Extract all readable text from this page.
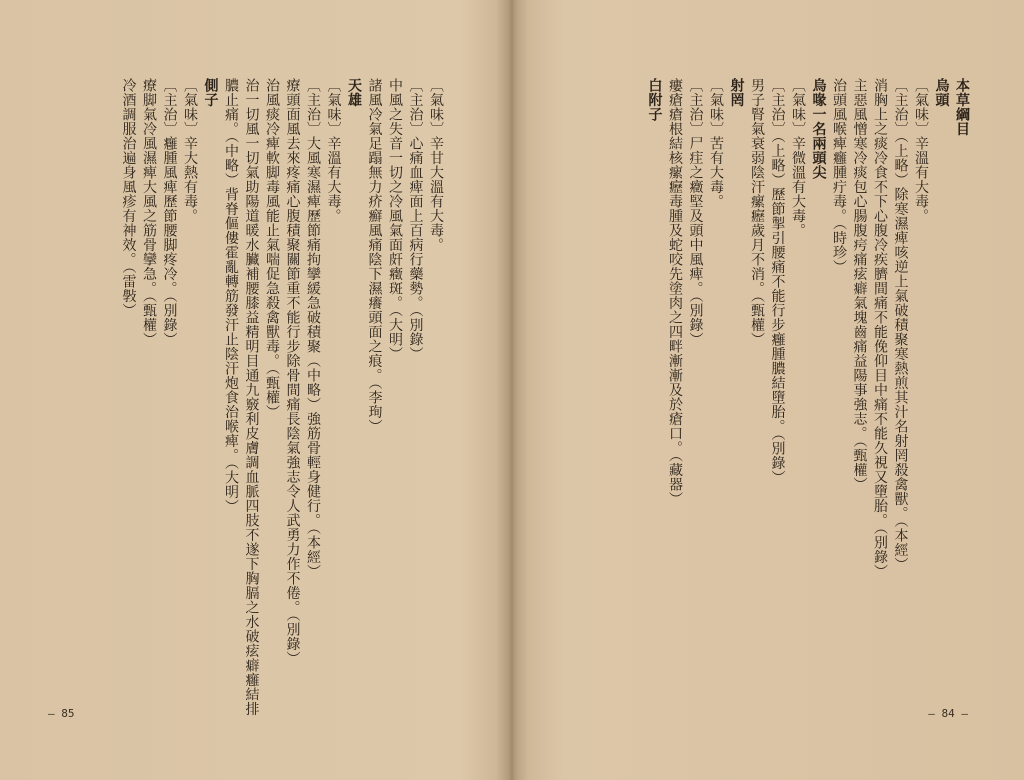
〔氣味〕辛甘大溫有大毒。
〔主治〕心痛血痺面上百病行藥勢。（別錄）
中風之失音一切之冷風氣面皯癥斑。（大明）
諸風冷氣足蹋無力疥癬風痛陰下濕癢頭面之痕。（李珣）
天雄
〔氣味〕辛溫有大毒。
〔主治〕大風寒濕痺歷節痛拘攣緩急破積聚（中略）強筋骨輕身健行。（本經）
療頭面風去來疼痛心腹積聚關節重不能行步除骨間痛長陰氣強志令人武勇力作不倦。（別錄）
治風痰冷痺軟脚毒風能止氣喘促急殺禽獸毒。（甄權）
治一切風一切氣助陽道暖水臟補腰膝益精明目通九竅利皮膚調血脈四肢不遂下胸膈之水破痃癖癰結排
膿止痛。（中略）背脊傴僂霍亂轉筋發汗止陰汗炮食治喉痺。（大明）
側子
〔氣味〕辛大熱有毒。
〔主治〕癰腫風痺歷節腰脚疼冷。（別錄）
療脚氣冷風濕痺大風之筋骨攣急。（甄權）
冷酒調服治遍身風疹有神效。（雷斅）
— 85
本草綱目
烏頭
〔氣味〕辛溫有大毒。
〔主治〕（上略）除寒濕痺咳逆上氣破積聚寒熱煎其汁名射罔殺禽獸。（本經）
消胸上之痰冷食不下心腹冷疾臍間痛不能俛仰目中痛不能久視又墮胎。（別錄）
主惡風憎寒冷痰包心腸腹疞痛痃癖氣塊齒痛益陽事強志。（甄權）
治頭風喉痺癰腫疔毒。（時珍）
烏喙一名兩頭尖
〔氣味〕辛微溫有大毒。
〔主治〕（上略）歷節掣引腰痛不能行步癰腫膿結墮胎。（別錄）
男子腎氣衰弱陰汗瘰癧歲月不消。（甄權）
射罔
〔氣味〕苦有大毒。
〔主治〕尸疰之癥堅及頭中風痺。（別錄）
瘻瘡瘡根結核瘰癧毒腫及蛇咬先塗肉之四畔漸漸及於瘡口。（藏器）
白附子
— 84 —
